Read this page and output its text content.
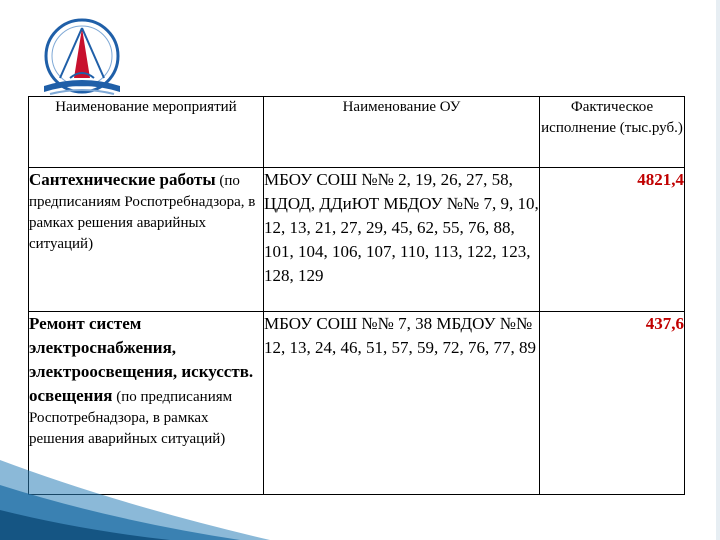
Наименование мероприятий	Наименование ОУ	Фактическое исполнение (тыс.руб.)
Сантехнические работы (по предписаниям Роспотребнадзора, в рамках решения аварийных ситуаций)	МБОУ СОШ №№ 2, 19, 26, 27, 58, ЦДОД, ДДиЮТ МБДОУ №№ 7, 9, 10, 12, 13, 21, 27, 29, 45, 62, 55, 76, 88, 101, 104, 106, 107, 110, 113, 122, 123, 128, 129	4821,4
Ремонт систем электроснабжения, электроосвещения, искусств. освещения (по предписаниям Роспотребнадзора, в рамках решения аварийных ситуаций)	МБОУ СОШ №№ 7, 38 МБДОУ №№ 12, 13, 24, 46, 51, 57, 59, 72, 76, 77, 89	437,6
